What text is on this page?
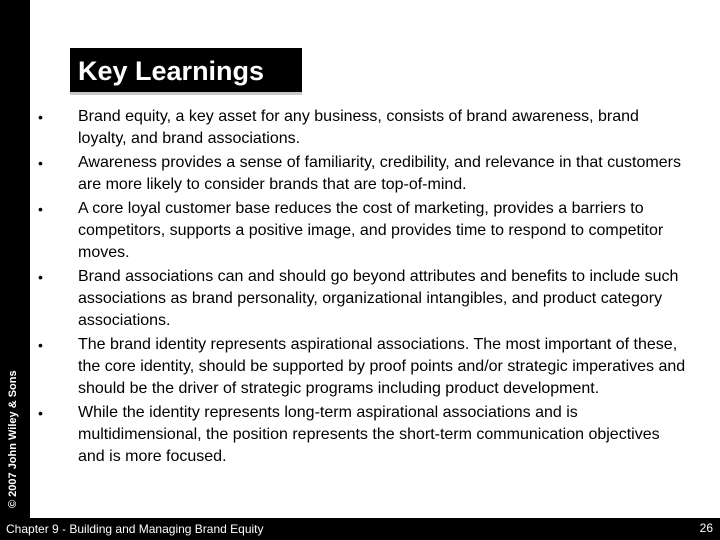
© 2007 John Wiley & Sons
Key Learnings
• Brand equity, a key asset for any business, consists of brand awareness, brand loyalty, and brand associations.
• Awareness provides a sense of familiarity, credibility, and relevance in that customers are more likely to consider brands that are top-of-mind.
• A core loyal customer base reduces the cost of marketing, provides a barriers to competitors, supports a positive image, and provides time to respond to competitor moves.
• Brand associations can and should go beyond attributes and benefits to include such associations as brand personality, organizational intangibles, and product category associations.
• The brand identity represents aspirational associations. The most important of these, the core identity, should be supported by proof points and/or strategic imperatives and should be the driver of strategic programs including product development.
• While the identity represents long-term aspirational associations and is multidimensional, the position represents the short-term communication objectives and is more focused.
Chapter 9 - Building and Managing Brand Equity	26
